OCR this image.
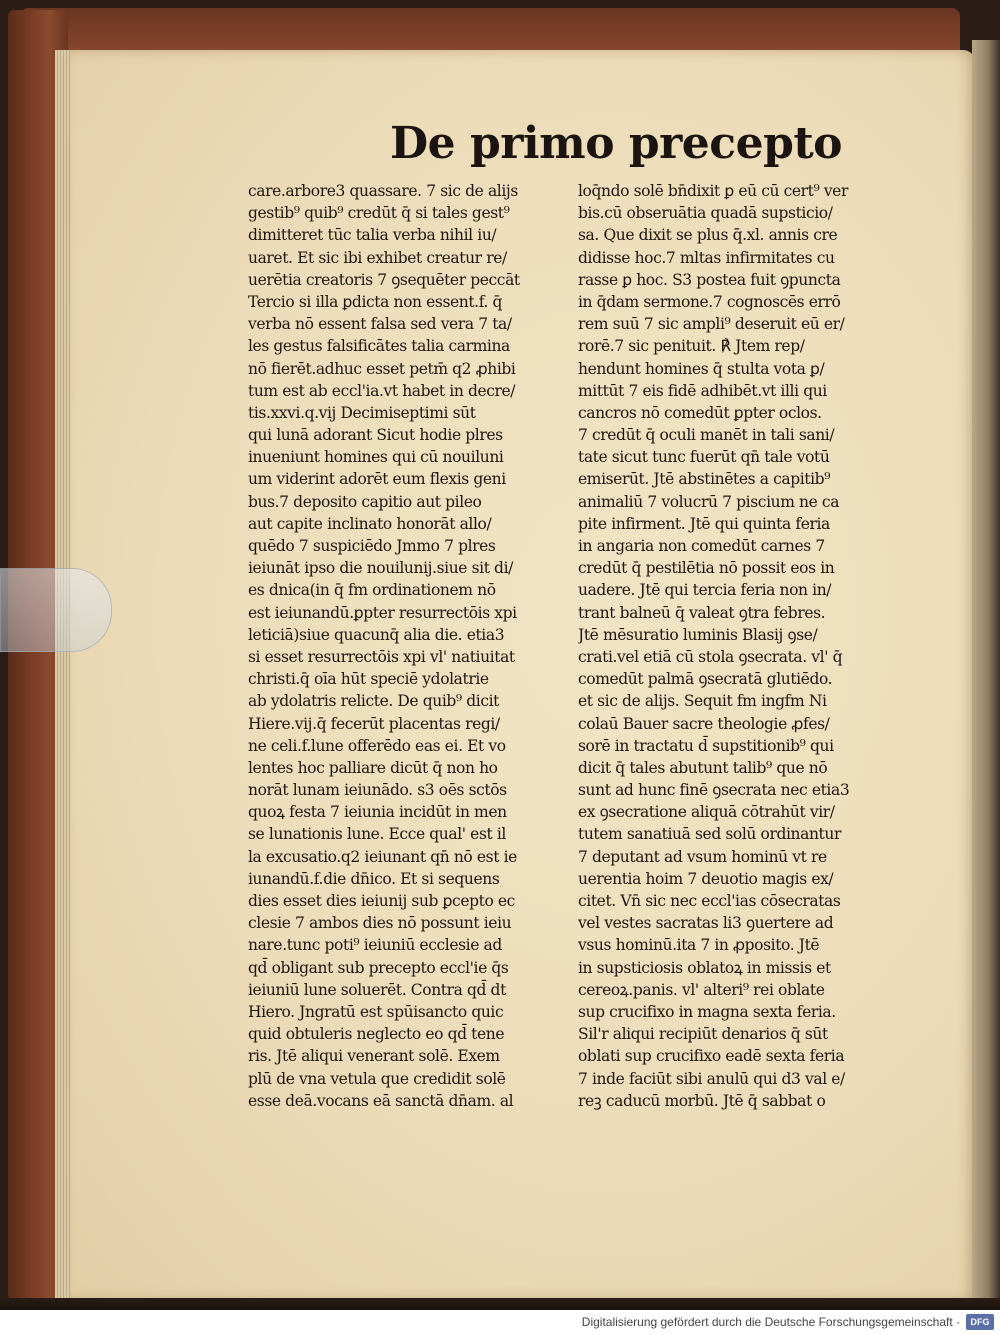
De primo precepto
care.arbore3 quassare. 7 sic de alijs
gestib⁹ quib⁹ credūt q̄ si tales gest⁹
dimitteret tūc talia verba nihil iu/
uaret. Et sic ibi exhibet creatur re/
uerētia creatoris 7 ꝯsequēter peccāt
Tercio si illa ꝑdicta non essent.f. q̄
verba nō essent falsa sed vera 7 ta/
les gestus falsificātes talia carmina
nō fierēt.adhuc esset petm̄ q2 ꝓhibi
tum est ab eccl'ia.vt habet in decre/
tis.xxvi.q.vij Decimiseptimi sūt
qui lunā adorant Sicut hodie plres
inueniunt homines qui cū nouiluni
um viderint adorēt eum flexis geni
bus.7 deposito capitio aut pileo
aut capite inclinato honorāt allo/
quēdo 7 suspiciēdo Jmmo 7 plres
ieiunāt ipso die nouilunij.siue sit di/
es dnica(in q̄ fm ordinationem nō
est ieiunandū.ꝑpter resurrectōis xpi
leticiā)siue quacunq̄ alia die. etia3
si esset resurrectōis xpi vl' natiuitat
christi.q̄ oīa hūt speciē ydolatrie
ab ydolatris relicte. De quib⁹ dicit
Hiere.vij.q̄ fecerūt placentas regi/
ne celi.f.lune offerēdo eas ei. Et vo
lentes hoc palliare dicūt q̄ non ho
norāt lunam ieiunādo. s3 oēs sctōs
quoꝝ festa 7 ieiunia incidūt in men
se lunationis lune. Ecce qual' est il
la excusatio.q2 ieiunant qn̄ nō est ie
iunandū.f.die dn̄ico. Et si sequens
dies esset dies ieiunij sub ꝑcepto ec
clesie 7 ambos dies nō possunt ieiu
nare.tunc poti⁹ ieiuniū ecclesie ad
qd̄ obligant sub precepto eccl'ie q̄s
ieiuniū lune soluerēt. Contra qd̄ dt
Hiero. Jngratū est spūisancto quic
quid obtuleris neglecto eo qd̄ tene
ris. Jtē aliqui venerant solē. Exem
plū de vna vetula que credidit solē
esse deā.vocans eā sanctā dn̄am. al
loq̄ndo solē bn̄dixit ꝑ eū cū cert⁹ ver
bis.cū obseruātia quadā supsticio/
sa. Que dixit se plus q̄̄.xl. annis cre
didisse hoc.7 mltas infirmitates cu
rasse ꝑ hoc. S3 postea fuit ꝯpuncta
in q̄dam sermone.7 cognoscēs errō
rem suū 7 sic ampli⁹ deseruit eū er/
rorē.7 sic penituit. ℟ Jtem rep/
hendunt homines q̄ stulta vota ꝑ/
mittūt 7 eis fidē adhibēt.vt illi qui
cancros nō comedūt ꝑpter oclos.
7 credūt q̄ oculi manēt in tali sani/
tate sicut tunc fuerūt qn̄ tale votū
emiserūt. Jtē abstinētes a capitib⁹
animaliū 7 volucrū 7 piscium ne ca
pite infirment. Jtē qui quinta feria
in angaria non comedūt carnes 7
credūt q̄ pestilētia nō possit eos in
uadere. Jtē qui tercia feria non in/
trant balneū q̄ valeat ꝯtra febres.
Jtē mēsuratio luminis Blasij ꝯse/
crati.vel etiā cū stola ꝯsecrata. vl' q̄
comedūt palmā ꝯsecratā glutiēdo.
et sic de alijs. Sequit fm ingfm Ni
colaū Bauer sacre theologie ꝓfes/
sorē in tractatu d̄ supstitionib⁹ qui
dicit q̄ tales abutunt talib⁹ que nō
sunt ad hunc finē ꝯsecrata nec etia3
ex ꝯsecratione aliquā cōtrahūt vir/
tutem sanatiuā sed solū ordinantur
7 deputant ad vsum hominū vt re
uerentia hoim 7 deuotio magis ex/
citet. Vn̄ sic nec eccl'ias cōsecratas
vel vestes sacratas li3 ꝯuertere ad
vsus hominū.ita 7 in ꝓposito. Jtē
in supsticiosis oblatoꝝ in missis et
cereoꝝ.panis. vl' alteri⁹ rei oblate
sup crucifixo in magna sexta feria.
Sil'r aliqui recipiūt denarios q̄ sūt
oblati sup crucifixo eadē sexta feria
7 inde faciūt sibi anulū qui d3 val e/
reꝫ caducū morbū. Jtē q̄ sabbat o
Digitalisierung gefördert durch die Deutsche Forschungsgemeinschaft ·	DFG
